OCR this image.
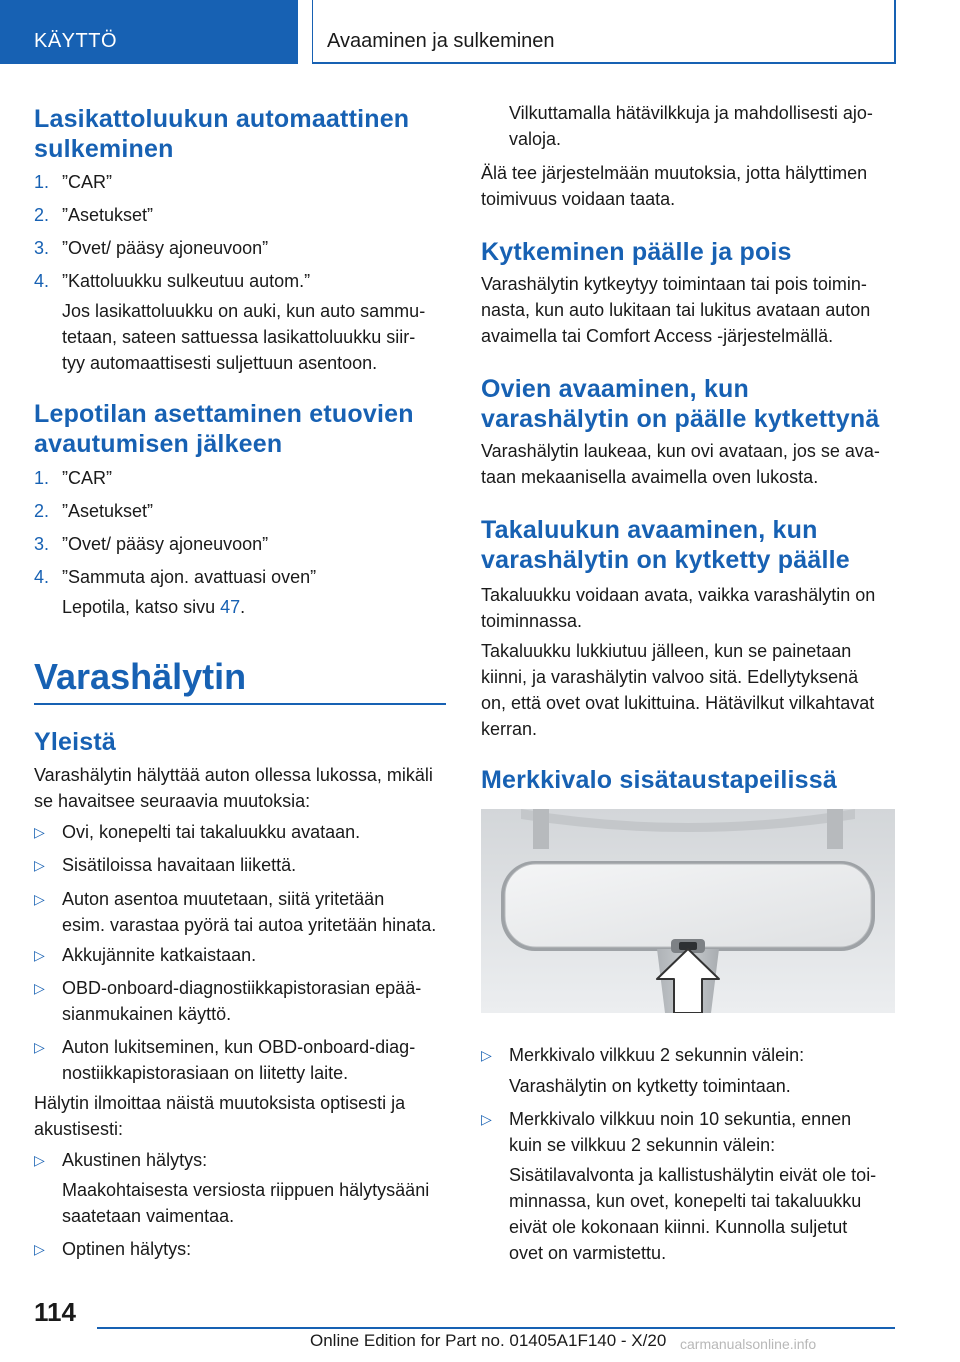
KÄYTTÖ	Avaaminen ja sulkeminen
Lasikattoluukun automaattinen
sulkeminen
1. ”CAR”
2. ”Asetukset”
3. ”Ovet/ pääsy ajoneuvoon”
4. ”Kattoluukku sulkeutuu autom.”
Jos lasikattoluukku on auki, kun auto sammu‐
tetaan, sateen sattuessa lasikattoluukku siir‐
tyy automaattisesti suljettuun asentoon.
Lepotilan asettaminen etuovien
avautumisen jälkeen
1. ”CAR”
2. ”Asetukset”
3. ”Ovet/ pääsy ajoneuvoon”
4. ”Sammuta ajon. avattuasi oven”
Lepotila, katso sivu 47.
Varashälytin
Yleistä
Varashälytin hälyttää auton ollessa lukossa, mikäli
se havaitsee seuraavia muutoksia:
▷ Ovi, konepelti tai takaluukku avataan.
▷ Sisätiloissa havaitaan liikettä.
▷ Auton asentoa muutetaan, siitä yritetään
esim. varastaa pyörä tai autoa yritetään hinata.
▷ Akkujännite katkaistaan.
▷ OBD-onboard-diagnostiikkapistorasian epää‐
sianmukainen käyttö.
▷ Auton lukitseminen, kun OBD-onboard-diag‐
nostiikkapistorasiaan on liitetty laite.
Hälytin ilmoittaa näistä muutoksista optisesti ja
akustisesti:
▷ Akustinen hälytys:
Maakohtaisesta versiosta riippuen hälytysääni
saatetaan vaimentaa.
▷ Optinen hälytys:
Vilkuttamalla hätävilkkuja ja mahdollisesti ajo‐
valoja.
Älä tee järjestelmään muutoksia, jotta hälyttimen
toimivuus voidaan taata.
Kytkeminen päälle ja pois
Varashälytin kytkeytyy toimintaan tai pois toimin‐
nasta, kun auto lukitaan tai lukitus avataan auton
avaimella tai Comfort Access -järjestelmällä.
Ovien avaaminen, kun
varashälytin on päälle kytkettynä
Varashälytin laukeaa, kun ovi avataan, jos se ava‐
taan mekaanisella avaimella oven lukosta.
Takaluukun avaaminen, kun
varashälytin on kytketty päälle
Takaluukku voidaan avata, vaikka varashälytin on
toiminnassa.
Takaluukku lukkiutuu jälleen, kun se painetaan
kiinni, ja varashälytin valvoo sitä. Edellytyksenä
on, että ovet ovat lukittuina. Hätävilkut vilkahtavat
kerran.
Merkkivalo sisätaustapeilissä
▷ Merkkivalo vilkkuu 2 sekunnin välein:
Varashälytin on kytketty toimintaan.
▷ Merkkivalo vilkkuu noin 10 sekuntia, ennen
kuin se vilkkuu 2 sekunnin välein:
Sisätilavalvonta ja kallistushälytin eivät ole toi‐
minnassa, kun ovet, konepelti tai takaluukku
eivät ole kokonaan kiinni. Kunnolla suljetut
ovet on varmistettu.
114
Online Edition for Part no. 01405A1F140 - X/20 carmanualsonline.info
